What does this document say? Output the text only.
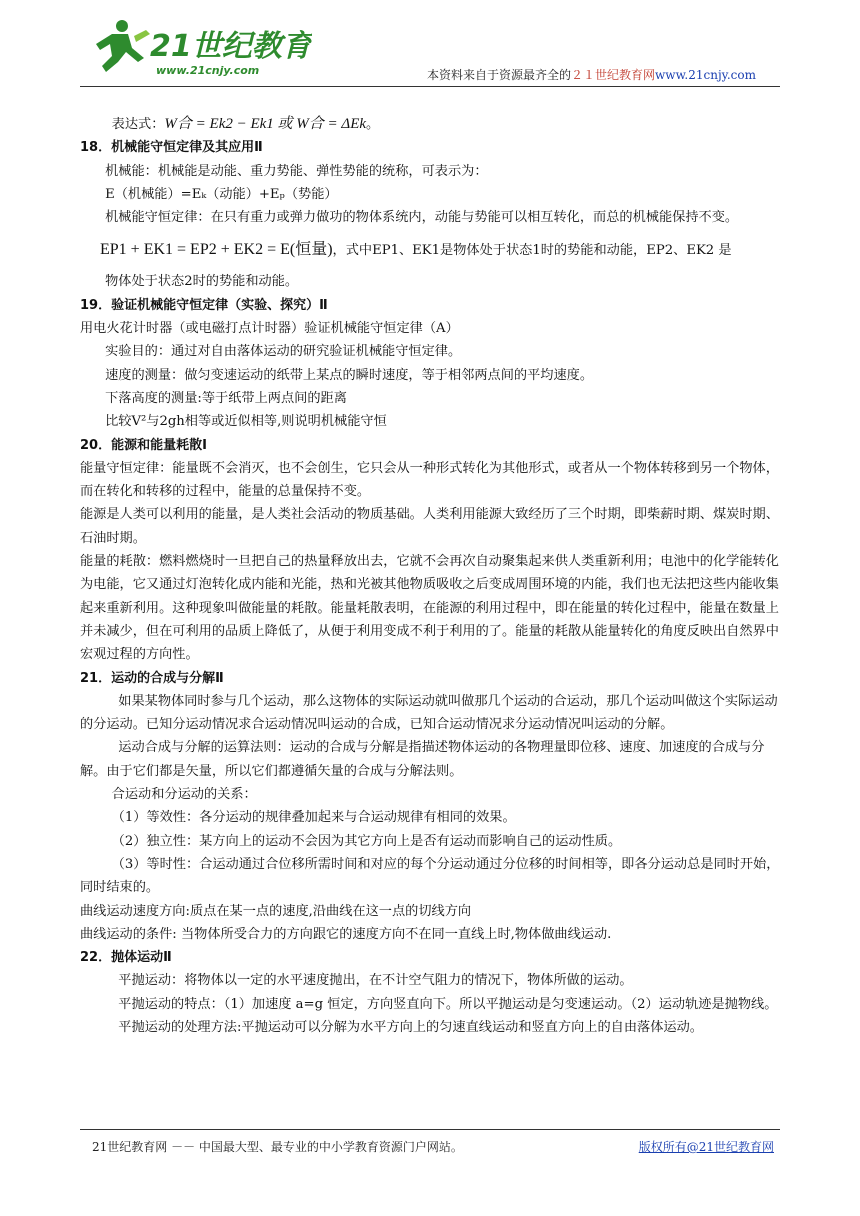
21世纪教育
www.21cnjy.com	本资料来自于资源最齐全的２１世纪教育网www.21cnjy.com

表达式：W合 = Ek2 − Ek1 或 W合 = ΔEk。

18．机械能守恒定律及其应用Ⅱ

机械能：机械能是动能、重力势能、弹性势能的统称，可表示为：

E（机械能）=Eₖ（动能）+Eₚ（势能）

机械能守恒定律：在只有重力或弹力做功的物体系统内，动能与势能可以相互转化，而总的机械能保持不变。

EP1 + EK1 = EP2 + EK2 = E(恒量)，式中EP1、EK1是物体处于状态1时的势能和动能，EP2、EK2 是

物体处于状态2时的势能和动能。

19．验证机械能守恒定律（实验、探究）Ⅱ

用电火花计时器（或电磁打点计时器）验证机械能守恒定律（A）

实验目的：通过对自由落体运动的研究验证机械能守恒定律。

速度的测量：做匀变速运动的纸带上某点的瞬时速度，等于相邻两点间的平均速度。

下落高度的测量:等于纸带上两点间的距离

比较V²与2gh相等或近似相等,则说明机械能守恒

20．能源和能量耗散Ⅰ

能量守恒定律：能量既不会消灭，也不会创生，它只会从一种形式转化为其他形式，或者从一个物体转移到另一个物体，而在转化和转移的过程中，能量的总量保持不变。

能源是人类可以利用的能量，是人类社会活动的物质基础。人类利用能源大致经历了三个时期，即柴薪时期、煤炭时期、石油时期。

能量的耗散：燃料燃烧时一旦把自己的热量释放出去，它就不会再次自动聚集起来供人类重新利用；电池中的化学能转化为电能，它又通过灯泡转化成内能和光能，热和光被其他物质吸收之后变成周围环境的内能，我们也无法把这些内能收集起来重新利用。这种现象叫做能量的耗散。能量耗散表明，在能源的利用过程中，即在能量的转化过程中，能量在数量上并未减少，但在可利用的品质上降低了，从便于利用变成不利于利用的了。能量的耗散从能量转化的角度反映出自然界中宏观过程的方向性。

21．运动的合成与分解Ⅱ

如果某物体同时参与几个运动，那么这物体的实际运动就叫做那几个运动的合运动，那几个运动叫做这个实际运动的分运动。已知分运动情况求合运动情况叫运动的合成，已知合运动情况求分运动情况叫运动的分解。

运动合成与分解的运算法则：运动的合成与分解是指描述物体运动的各物理量即位移、速度、加速度的合成与分解。由于它们都是矢量，所以它们都遵循矢量的合成与分解法则。

合运动和分运动的关系：

（1）等效性：各分运动的规律叠加起来与合运动规律有相同的效果。

（2）独立性：某方向上的运动不会因为其它方向上是否有运动而影响自己的运动性质。

（3）等时性：合运动通过合位移所需时间和对应的每个分运动通过分位移的时间相等，即各分运动总是同时开始，同时结束的。

曲线运动速度方向:质点在某一点的速度,沿曲线在这一点的切线方向

曲线运动的条件: 当物体所受合力的方向跟它的速度方向不在同一直线上时,物体做曲线运动.

22．抛体运动Ⅱ

平抛运动：将物体以一定的水平速度抛出，在不计空气阻力的情况下，物体所做的运动。

平抛运动的特点：（1）加速度 a=g 恒定，方向竖直向下。所以平抛运动是匀变速运动。（2）运动轨迹是抛物线。

平抛运动的处理方法:平抛运动可以分解为水平方向上的匀速直线运动和竖直方向上的自由落体运动。

21世纪教育网 －－ 中国最大型、最专业的中小学教育资源门户网站。	版权所有@21世纪教育网
